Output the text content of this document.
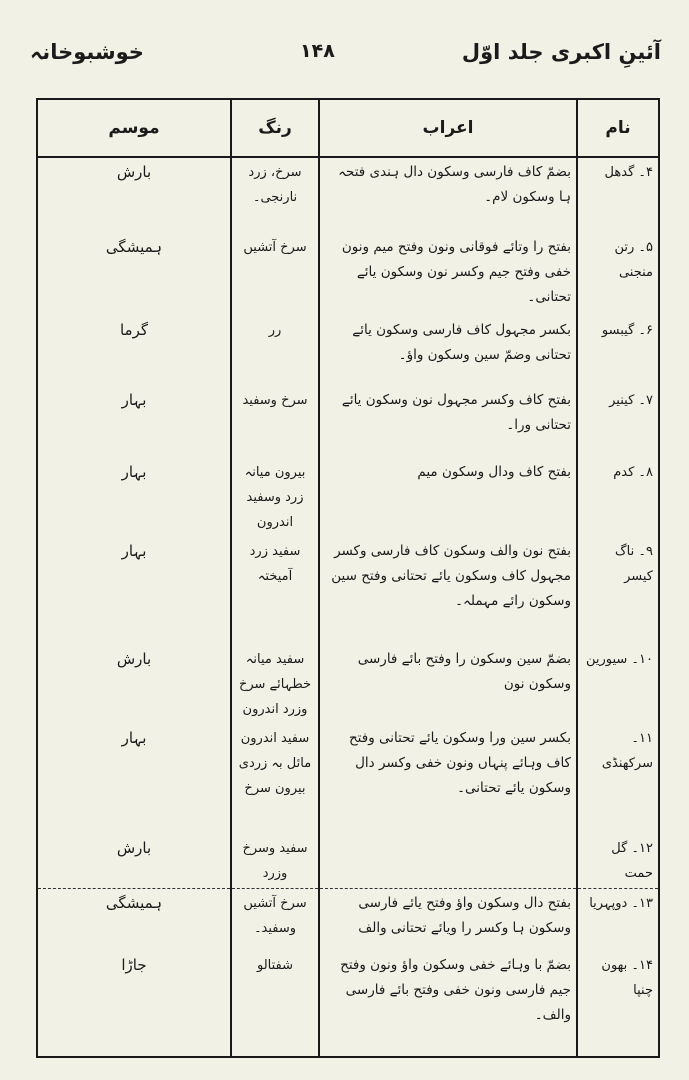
خوشبوخانہ	۱۴۸	آئینِ اکبری جلد اوّل
نام	اعراب	رنگ	موسم
۴۔ گدھل	بضمّ کاف فارسی وسکون دال ہندی فتحہ ہا وسکون لام۔	سرخ، زرد نارنجی۔	بارش
۵۔ رتن منجنی	بفتح را وتائے فوقانی ونون وفتح میم ونون خفی وفتح جیم وکسر نون وسکون یائے تحتانی۔	سرخ آتشیں	ہمیشگی
۶۔ گیبسو	بکسر مجہول کاف فارسی وسکون یائے تحتانی وضمّ سین وسکون واؤ۔	رر	گرما
۷۔ کینیر	بفتح کاف وکسر مجہول نون وسکون یائے تحتانی ورا۔	سرخ وسفید	بہار
۸۔ کدم	بفتح کاف ودال وسکون میم	بیرون میانہ زرد وسفید اندرون	بہار
۹۔ ناگ کیسر	بفتح نون والف وسکون کاف فارسی وکسر مجہول کاف وسکون یائے تحتانی وفتح سین وسکون رائے مہملہ۔	سفید زرد آمیختہ	بہار
۱۰۔ سیورین	بضمّ سین وسکون را وفتح بائے فارسی وسکون نون	سفید میانہ خطہائے سرخ وزرد اندرون	بارش
۱۱۔ سرکھنڈی	بکسر سین ورا وسکون یائے تحتانی وفتح کاف وہائے پنہاں ونون خفی وکسر دال وسکون یائے تحتانی۔	سفید اندرون مائل بہ زردی بیرون سرخ	بہار
۱۲۔ گل حمت		سفید وسرخ وزرد	بارش
۱۳۔ دوپہریا	بفتح دال وسکون واؤ وفتح یائے فارسی وسکون ہا وکسر را ویائے تحتانی والف	سرخ آتشیں وسفید۔	ہمیشگی
۱۴۔ بھون چنپا	بضمّ با وہائے خفی وسکون واؤ ونون وفتح جیم فارسی ونون خفی وفتح بائے فارسی والف۔	شفتالو	جاڑا
